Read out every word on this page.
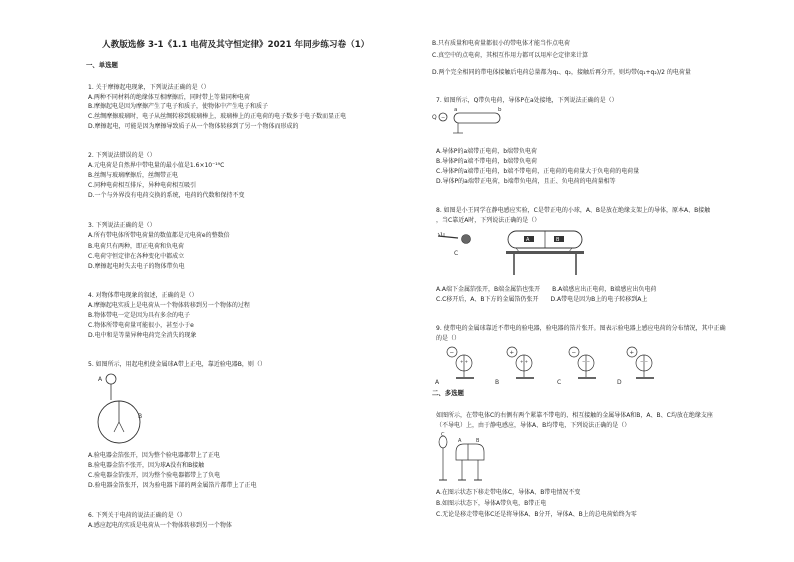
人教版选修 3-1《1.1 电荷及其守恒定律》2021 年同步练习卷（1）
一、单选题
1. 关于摩擦起电现象，下列说法正确的是（）
A.两种不同材料的绝缘体互相摩擦后，同时带上等量同种电荷
B.摩擦起电是因为摩擦产生了电子和质子，使物体中产生电子和质子
C.丝绸摩擦玻璃时，电子从丝绸转移到玻璃棒上，玻璃棒上的正电荷的电子数多于电子数而显正电
D.摩擦起电，可能是因为摩擦导致质子从一个物体转移到了另一个物体而形成的
2. 下列说法错误的是（）
A.元电荷是自然界中带电量的最小值是1.6×10⁻¹⁹C
B.丝绸与玻璃摩擦后，丝绸带正电
C.同种电荷相互排斥，异种电荷相互吸引
D.一个与外界没有电荷交换的系统，电荷的代数和保持不变
3. 下列说法正确的是（）
A.所有带电体所带电荷量的数值都是元电荷e的整数倍
B.电荷只有两种，即正电荷和负电荷
C.电荷守恒定律在各种变化中都成立
D.摩擦起电时失去电子的物体带负电
4. 对物体带电现象的叙述，正确的是（）
A.摩擦起电实质上是电荷从一个物体转移到另一个物体的过程
B.物体带电一定是因为具有多余的电子
C.物体所带电荷量可能很小，甚至小于e
D.电中和是等量异种电荷完全消失的现象
5. 如图所示，用起电机使金属球A带上正电，靠近验电器B，则（）
A
B
A.验电器金箔张开，因为整个验电器都带上了正电
B.验电器金箔不张开，因为球A没有和B接触
C.验电器金箔张开，因为整个验电器都带上了负电
D.验电器金箔张开，因为验电器下部的两金属箔片都带上了正电
6. 下列关于电荷的说法正确的是（）
A.感应起电的实质是电荷从一个物体转移到另一个物体
B.只有质量和电荷量都很小的带电体才能当作点电荷
C.真空中的点电荷，其相互作用力都可以用库仑定律来计算
D.两个完全相同的带电体接触后电荷总量都为q₁、q₂，接触后再分开，则均带(q₁+q₂)/2 的电荷量
7. 如图所示，Q带负电荷，导体P在a处接地，下列说法正确的是（）
Q −
a	b
A.导体P的a端带正电荷，b端带负电荷
B.导体P的a端不带电荷，b端带负电荷
C.导体P的a端带正电荷，b端不带电荷，正电荷的电荷量大于负电荷的电荷量
D.导体P的a端带正电荷，b端带负电荷，且正、负电荷的电荷量相等
8. 如图是小王同学在静电感应实验，C是带正电的小球，A、B是放在绝缘支架上的导体，原本A、B接触
，当C靠近A时，下列说法正确的是（）
C
A	B
A.A端下金属箔张开，B端金属箔也张开　　B.A端感应出正电荷，B端感应出负电荷
C.C移开后，A、B下方的金属箔仍张开　　D.A带电是因为B上的电子转移到A上
9. 使带电的金属球靠近不带电的验电器，验电器的箔片张开。图表示验电器上感应电荷的分布情况，其中正确
的是（）
−
+ +
A
+
+ +
B
−
− −
C
+
− −
D
二、多选题
如图所示，在带电体C的右侧有两个紧靠不带电的、相互接触的金属导体A和B，A、B、C均放在绝缘支座
（不导电）上，由于静电感应，导体A、B均带电，下列说法正确的是（）
C
A	B
A.在图示状态下移走带电体C，导体A、B带电情况不变
B.如图示状态下，导体A带负电，B带正电
C.无论是移走带电体C还是将导体A、B分开，导体A、B上的总电荷始终为零
